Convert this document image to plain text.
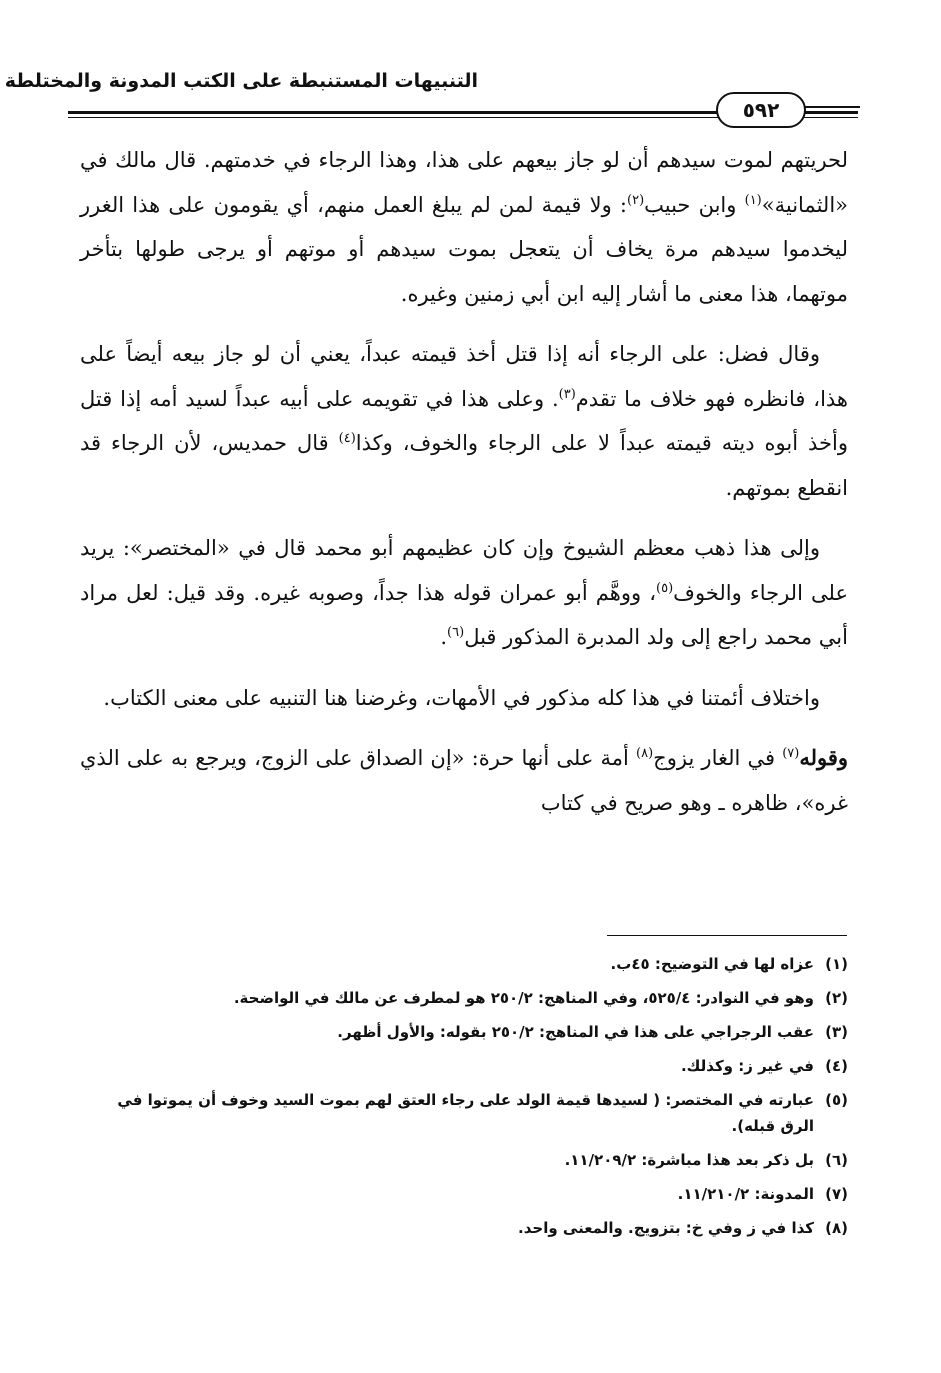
التنبيهات المستنبطة على الكتب المدونة والمختلطة
٥٩٢

لحريتهم لموت سيدهم أن لو جاز بيعهم على هذا، وهذا الرجاء في خدمتهم. قال مالك في «الثمانية»$^{(١)}$ وابن حبيب$^{(٢)}$: ولا قيمة لمن لم يبلغ العمل منهم، أي يقومون على هذا الغرر ليخدموا سيدهم مرة يخاف أن يتعجل بموت سيدهم أو موتهم أو يرجى طولها بتأخر موتهما، هذا معنى ما أشار إليه ابن أبي زمنين وغيره.

وقال فضل: على الرجاء أنه إذا قتل أخذ قيمته عبداً، يعني أن لو جاز بيعه أيضاً على هذا، فانظره فهو خلاف ما تقدم$^{(٣)}$. وعلى هذا في تقويمه على أبيه عبداً لسيد أمه إذا قتل وأخذ أبوه ديته قيمته عبداً لا على الرجاء والخوف، وكذا$^{(٤)}$ قال حمديس، لأن الرجاء قد انقطع بموتهم.

وإلى هذا ذهب معظم الشيوخ وإن كان عظيمهم أبو محمد قال في «المختصر»: يريد على الرجاء والخوف$^{(٥)}$، ووهَّم أبو عمران قوله هذا جداً، وصوبه غيره. وقد قيل: لعل مراد أبي محمد راجع إلى ولد المدبرة المذكور قبل$^{(٦)}$.

واختلاف أئمتنا في هذا كله مذكور في الأمهات، وغرضنا هنا التنبيه على معنى الكتاب.

وقوله$^{(٧)}$ في الغار يزوج$^{(٨)}$ أمة على أنها حرة: «إن الصداق على الزوج، ويرجع به على الذي غره»، ظاهره ـ وهو صريح في كتاب

(١)
عزاه لها في التوضيح: ٤٥ب.
(٢)
وهو في النوادر: ٥٢٥/٤، وفي المناهج: ٢٥٠/٢ هو لمطرف عن مالك في الواضحة.
(٣)
عقب الرجراجي على هذا في المناهج: ٢٥٠/٢ بقوله: والأول أظهر.
(٤)
في غير ز: وكذلك.
(٥)
عبارته في المختصر: ( لسيدها قيمة الولد على رجاء العتق لهم بموت السيد وخوف أن يموتوا في الرق قبله).
(٦)
بل ذكر بعد هذا مباشرة: ١١/٢٠٩/٢.
(٧)
المدونة: ١١/٢١٠/٢.
(٨)
كذا في ز وفي خ: بتزويج. والمعنى واحد.
